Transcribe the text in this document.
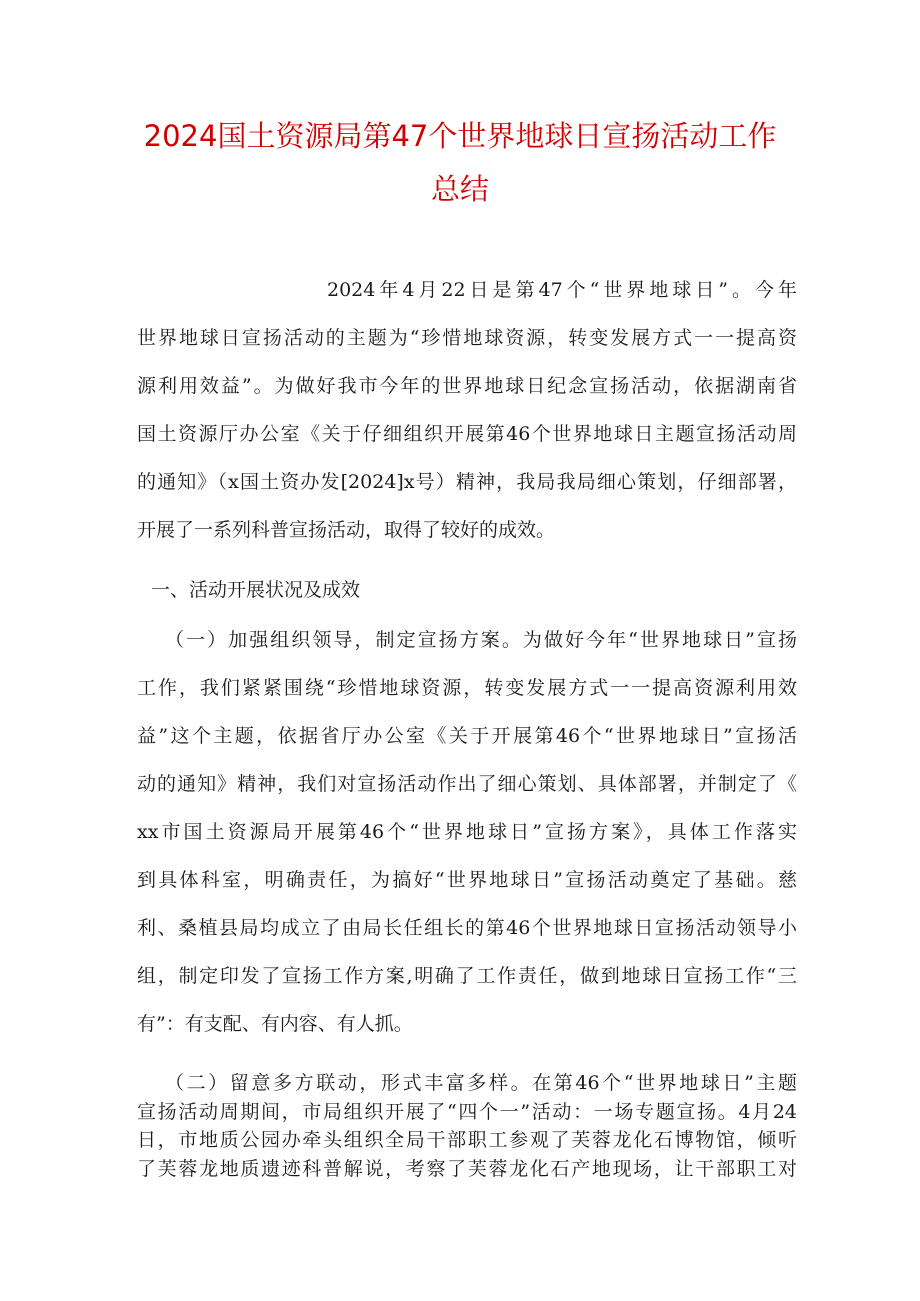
2024国土资源局第47个世界地球日宣扬活动工作
总结
2024年4月22日是第47个“世界地球日”。今年
世界地球日宣扬活动的主题为“珍惜地球资源，转变发展方式一一提高资
源利用效益”。为做好我市今年的世界地球日纪念宣扬活动，依据湖南省
国土资源厅办公室《关于仔细组织开展第46个世界地球日主题宣扬活动周
的通知》（x国土资办发[2024]x号）精神，我局我局细心策划，仔细部署，
开展了一系列科普宣扬活动，取得了较好的成效。
一、活动开展状况及成效
（一）加强组织领导，制定宣扬方案。为做好今年“世界地球日”宣扬
工作，我们紧紧围绕“珍惜地球资源，转变发展方式一一提高资源利用效
益”这个主题，依据省厅办公室《关于开展第46个“世界地球日”宣扬活
动的通知》精神，我们对宣扬活动作出了细心策划、具体部署，并制定了《
xx市国土资源局开展第46个“世界地球日”宣扬方案》，具体工作落实
到具体科室，明确责任，为搞好“世界地球日”宣扬活动奠定了基础。慈
利、桑植县局均成立了由局长任组长的第46个世界地球日宣扬活动领导小
组，制定印发了宣扬工作方案,明确了工作责任，做到地球日宣扬工作“三
有”：有支配、有内容、有人抓。
（二）留意多方联动，形式丰富多样。在第46个“世界地球日”主题
宣扬活动周期间，市局组织开展了“四个一”活动：一场专题宣扬。4月24
日，市地质公园办牵头组织全局干部职工参观了芙蓉龙化石博物馆，倾听
了芙蓉龙地质遗迹科普解说，考察了芙蓉龙化石产地现场，让干部职工对
